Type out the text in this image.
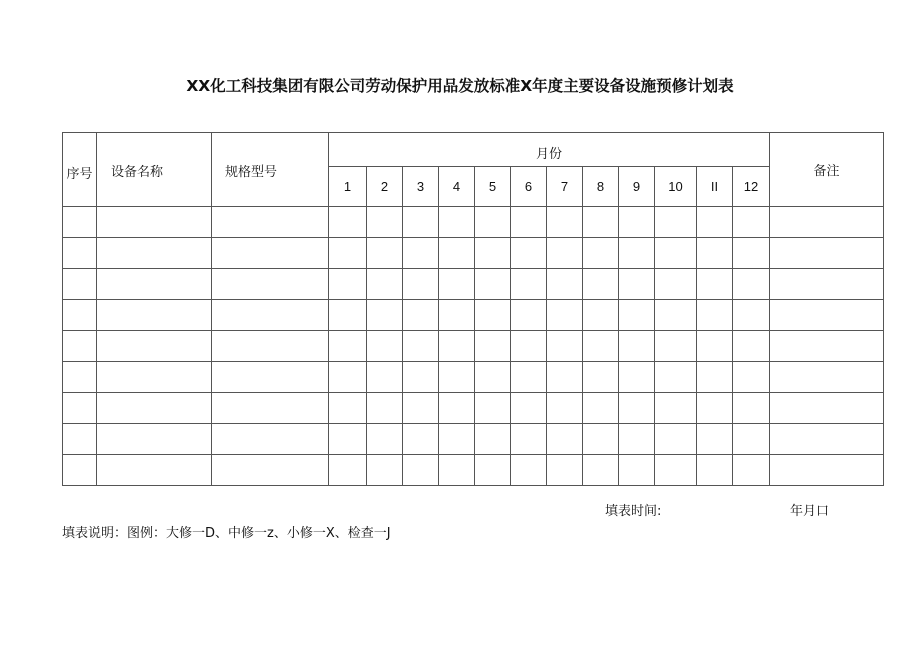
XX化工科技集团有限公司劳动保护用品发放标准X年度主要设备设施预修计划表
序号	设备名称	规格型号	月份												备注
			1	2	3	4	5	6	7	8	9	10	II	12	

填表时间:	年月口
填表说明：图例：大修一D、中修一z、小修一X、检查一J
